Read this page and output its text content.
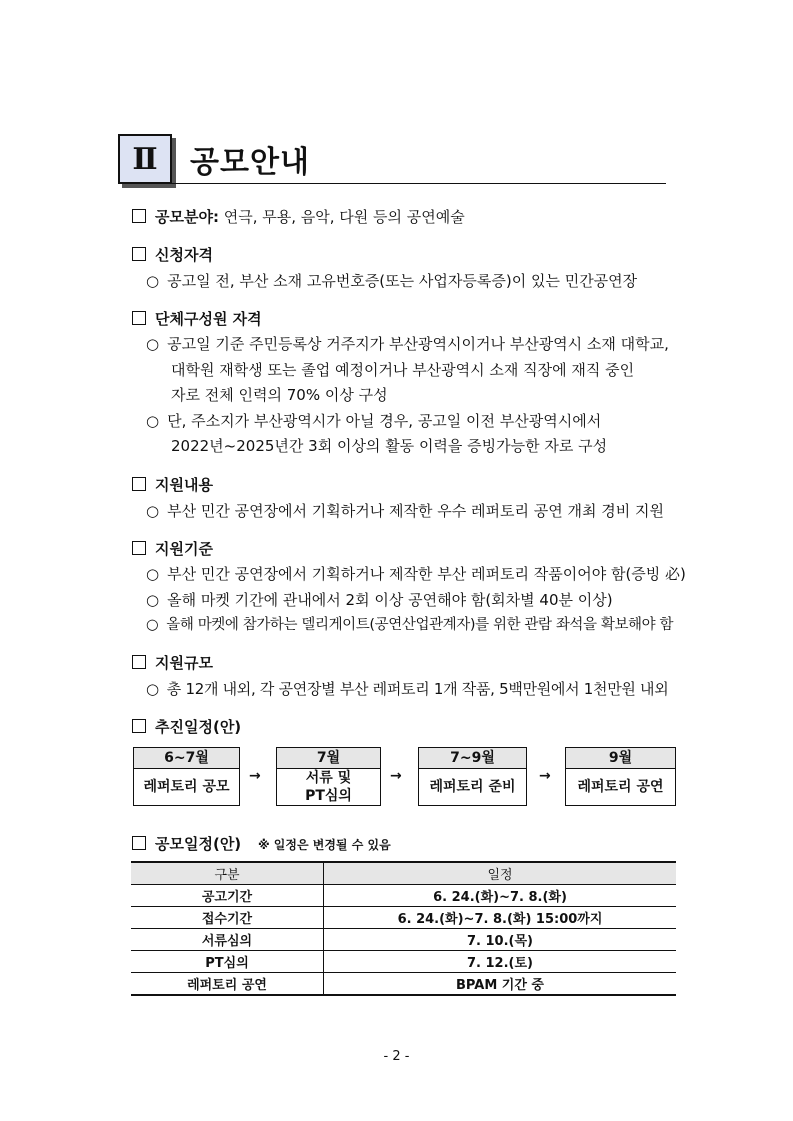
Ⅱ 공모안내
공모분야: 연극, 무용, 음악, 다원 등의 공연예술
신청자격
○ 공고일 전, 부산 소재 고유번호증(또는 사업자등록증)이 있는 민간공연장
단체구성원 자격
○ 공고일 기준 주민등록상 거주지가 부산광역시이거나 부산광역시 소재 대학교,
대학원 재학생 또는 졸업 예정이거나 부산광역시 소재 직장에 재직 중인
자로 전체 인력의 70% 이상 구성
○ 단, 주소지가 부산광역시가 아닐 경우, 공고일 이전 부산광역시에서
2022년~2025년간 3회 이상의 활동 이력을 증빙가능한 자로 구성
지원내용
○ 부산 민간 공연장에서 기획하거나 제작한 우수 레퍼토리 공연 개최 경비 지원
지원기준
○ 부산 민간 공연장에서 기획하거나 제작한 부산 레퍼토리 작품이어야 함(증빙 必)
○ 올해 마켓 기간에 관내에서 2회 이상 공연해야 함(회차별 40분 이상)
○ 올해 마켓에 참가하는 델리게이트(공연산업관계자)를 위한 관람 좌석을 확보해야 함
지원규모
○ 총 12개 내외, 각 공연장별 부산 레퍼토리 1개 작품, 5백만원에서 1천만원 내외
추진일정(안)
6~7월
레퍼토리 공모
→
7월
서류 및
PT심의
→
7~9월
레퍼토리 준비
→
9월
레퍼토리 공연
공모일정(안) ※ 일정은 변경될 수 있음
구분	일정
공고기간	6. 24.(화)~7. 8.(화)
접수기간	6. 24.(화)~7. 8.(화) 15:00까지
서류심의	7. 10.(목)
PT심의	7. 12.(토)
레퍼토리 공연	BPAM 기간 중
- 2 -
